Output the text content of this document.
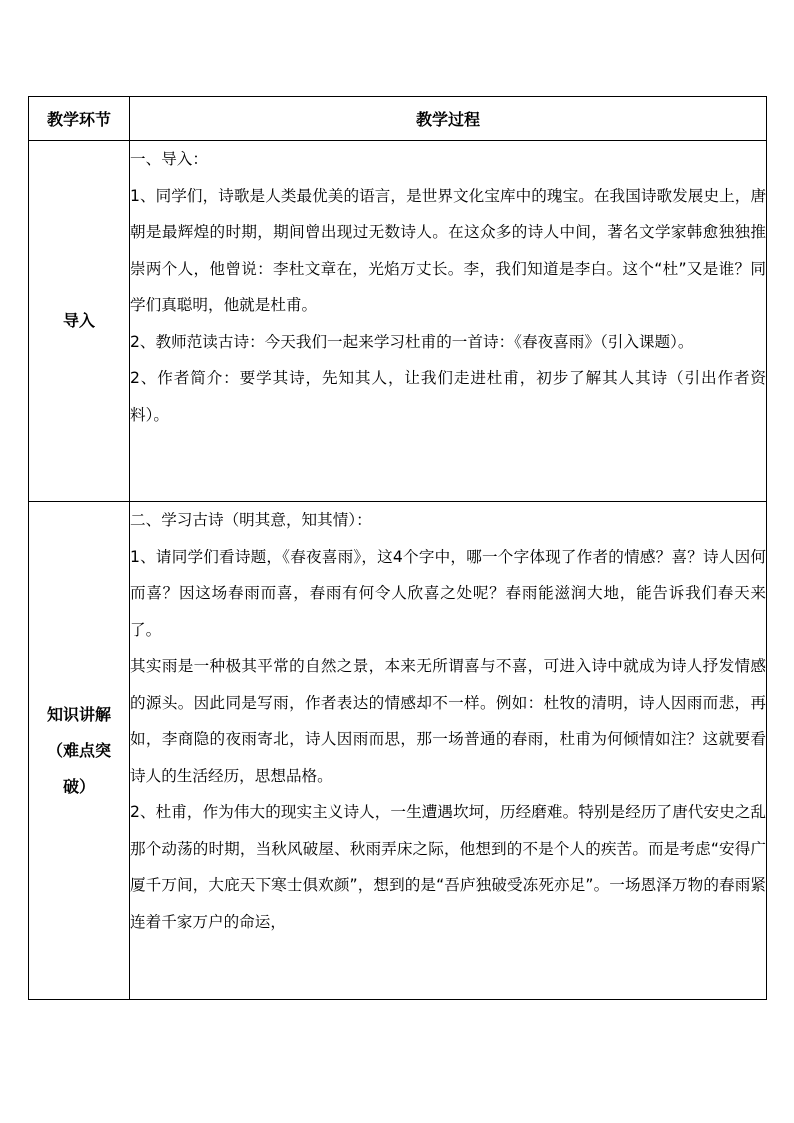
教学环节	教学过程
导入	一、导入：

1、同学们，诗歌是人类最优美的语言，是世界文化宝库中的瑰宝。在我国诗歌发展史上，唐朝是最辉煌的时期，期间曾出现过无数诗人。在这众多的诗人中间，著名文学家韩愈独独推崇两个人，他曾说：李杜文章在，光焰万丈长。李，我们知道是李白。这个“杜”又是谁？同学们真聪明，他就是杜甫。

2、教师范读古诗：今天我们一起来学习杜甫的一首诗：《春夜喜雨》（引入课题）。

2、作者简介：要学其诗，先知其人，让我们走进杜甫，初步了解其人其诗（引出作者资料）。

知识讲解（难点突破）	二、学习古诗（明其意，知其情）：

1、请同学们看诗题，《春夜喜雨》，这4个字中，哪一个字体现了作者的情感？喜？诗人因何而喜？因这场春雨而喜，春雨有何令人欣喜之处呢？春雨能滋润大地，能告诉我们春天来了。

其实雨是一种极其平常的自然之景，本来无所谓喜与不喜，可进入诗中就成为诗人抒发情感的源头。因此同是写雨，作者表达的情感却不一样。例如：杜牧的清明，诗人因雨而悲，再如，李商隐的夜雨寄北，诗人因雨而思，那一场普通的春雨，杜甫为何倾情如注？这就要看诗人的生活经历，思想品格。

2、杜甫，作为伟大的现实主义诗人，一生遭遇坎坷，历经磨难。特别是经历了唐代安史之乱那个动荡的时期，当秋风破屋、秋雨弄床之际，他想到的不是个人的疾苦。而是考虑“安得广厦千万间，大庇天下寒士俱欢颜”，想到的是“吾庐独破受冻死亦足”。一场恩泽万物的春雨紧连着千家万户的命运，
